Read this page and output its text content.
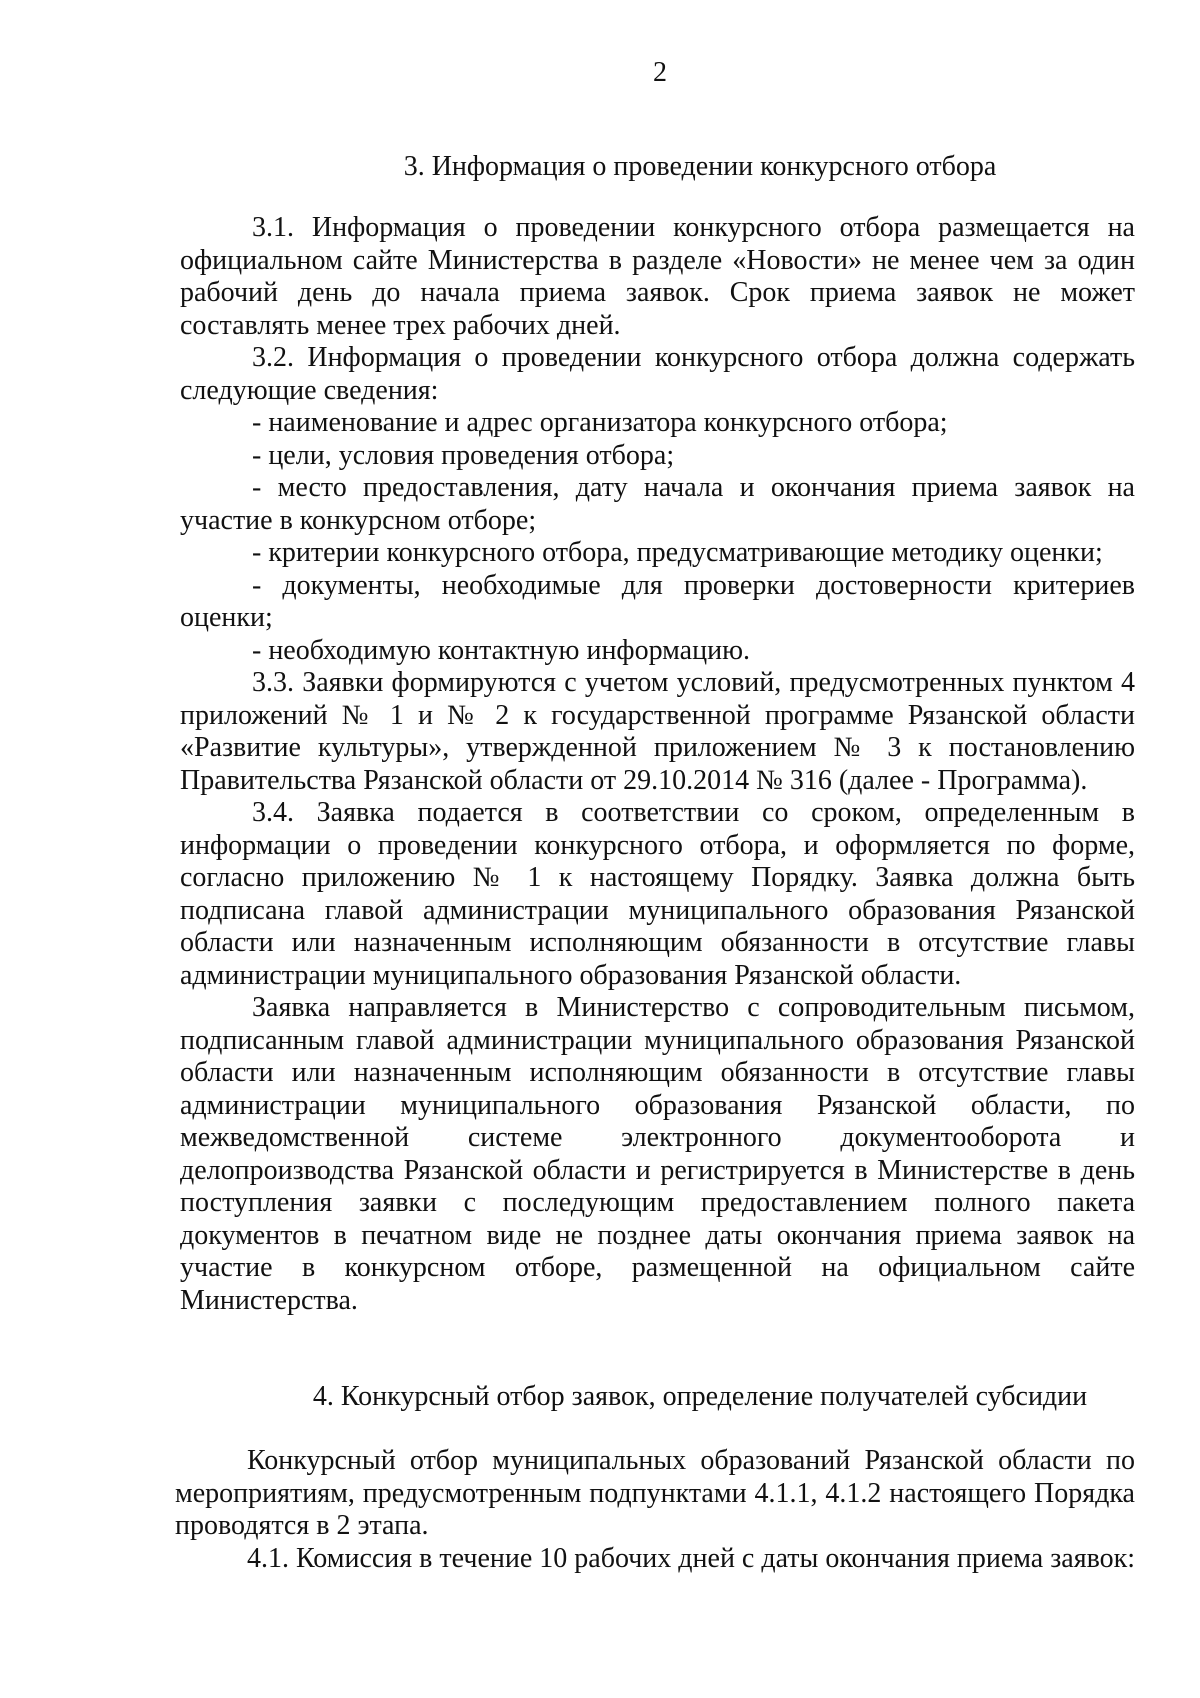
2
3. Информация о проведении конкурсного отбора

3.1. Информация о проведении конкурсного отбора размещается на официальном сайте Министерства в разделе «Новости» не менее чем за один рабочий день до начала приема заявок. Срок приема заявок не может составлять менее трех рабочих дней.

3.2. Информация о проведении конкурсного отбора должна содержать следующие сведения:

- наименование и адрес организатора конкурсного отбора;

- цели, условия проведения отбора;

- место предоставления, дату начала и окончания приема заявок на участие в конкурсном отборе;

- критерии конкурсного отбора, предусматривающие методику оценки;

- документы, необходимые для проверки достоверности критериев оценки;

- необходимую контактную информацию.

3.3. Заявки формируются с учетом условий, предусмотренных пунктом 4 приложений № 1 и № 2 к государственной программе Рязанской области «Развитие культуры», утвержденной приложением № 3 к постановлению Правительства Рязанской области от 29.10.2014 № 316 (далее - Программа).

3.4. Заявка подается в соответствии со сроком, определенным в информации о проведении конкурсного отбора, и оформляется по форме, согласно приложению № 1 к настоящему Порядку. Заявка должна быть подписана главой администрации муниципального образования Рязанской области или назначенным исполняющим обязанности в отсутствие главы администрации муниципального образования Рязанской области.

Заявка направляется в Министерство с сопроводительным письмом, подписанным главой администрации муниципального образования Рязанской области или назначенным исполняющим обязанности в отсутствие главы администрации муниципального образования Рязанской области, по межведомственной системе электронного документооборота и делопроизводства Рязанской области и регистрируется в Министерстве в день поступления заявки с последующим предоставлением полного пакета документов в печатном виде не позднее даты окончания приема заявок на участие в конкурсном отборе, размещенной на официальном сайте Министерства.

4. Конкурсный отбор заявок, определение получателей субсидии

Конкурсный отбор муниципальных образований Рязанской области по мероприятиям, предусмотренным подпунктами 4.1.1, 4.1.2 настоящего Порядка проводятся в 2 этапа.

4.1. Комиссия в течение 10 рабочих дней с даты окончания приема заявок:
